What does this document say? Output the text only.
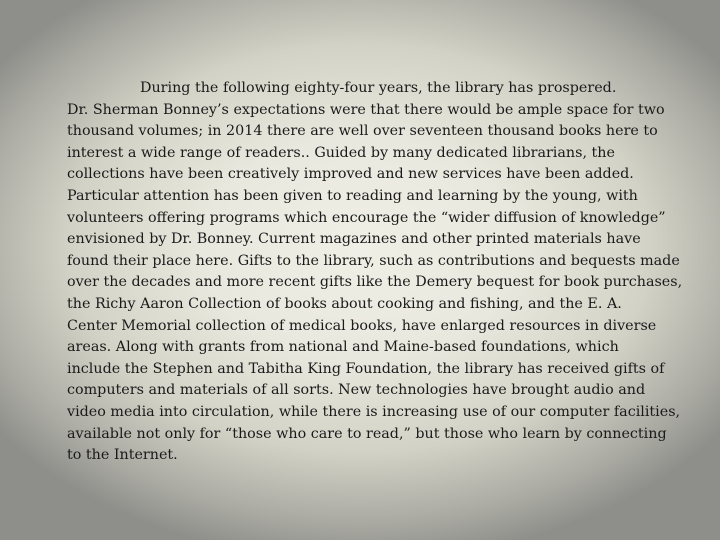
During the following eighty-four years, the library has prospered.
Dr. Sherman Bonney’s expectations were that there would be ample space for two
thousand volumes; in 2014 there are well over seventeen thousand books here to
interest a wide range of readers.. Guided by many dedicated librarians, the
collections have been creatively improved and new services have been added.
Particular attention has been given to reading and learning by the young, with
volunteers offering programs which encourage the “wider diffusion of knowledge”
envisioned by Dr. Bonney. Current magazines and other printed materials have
found their place here. Gifts to the library, such as contributions and bequests made
over the decades and more recent gifts like the Demery bequest for book purchases,
the Richy Aaron Collection of books about cooking and fishing, and the E. A.
Center Memorial collection of medical books, have enlarged resources in diverse
areas. Along with grants from national and Maine-based foundations, which
include the Stephen and Tabitha King Foundation, the library has received gifts of
computers and materials of all sorts. New technologies have brought audio and
video media into circulation, while there is increasing use of our computer facilities,
available not only for “those who care to read,” but those who learn by connecting
to the Internet.
